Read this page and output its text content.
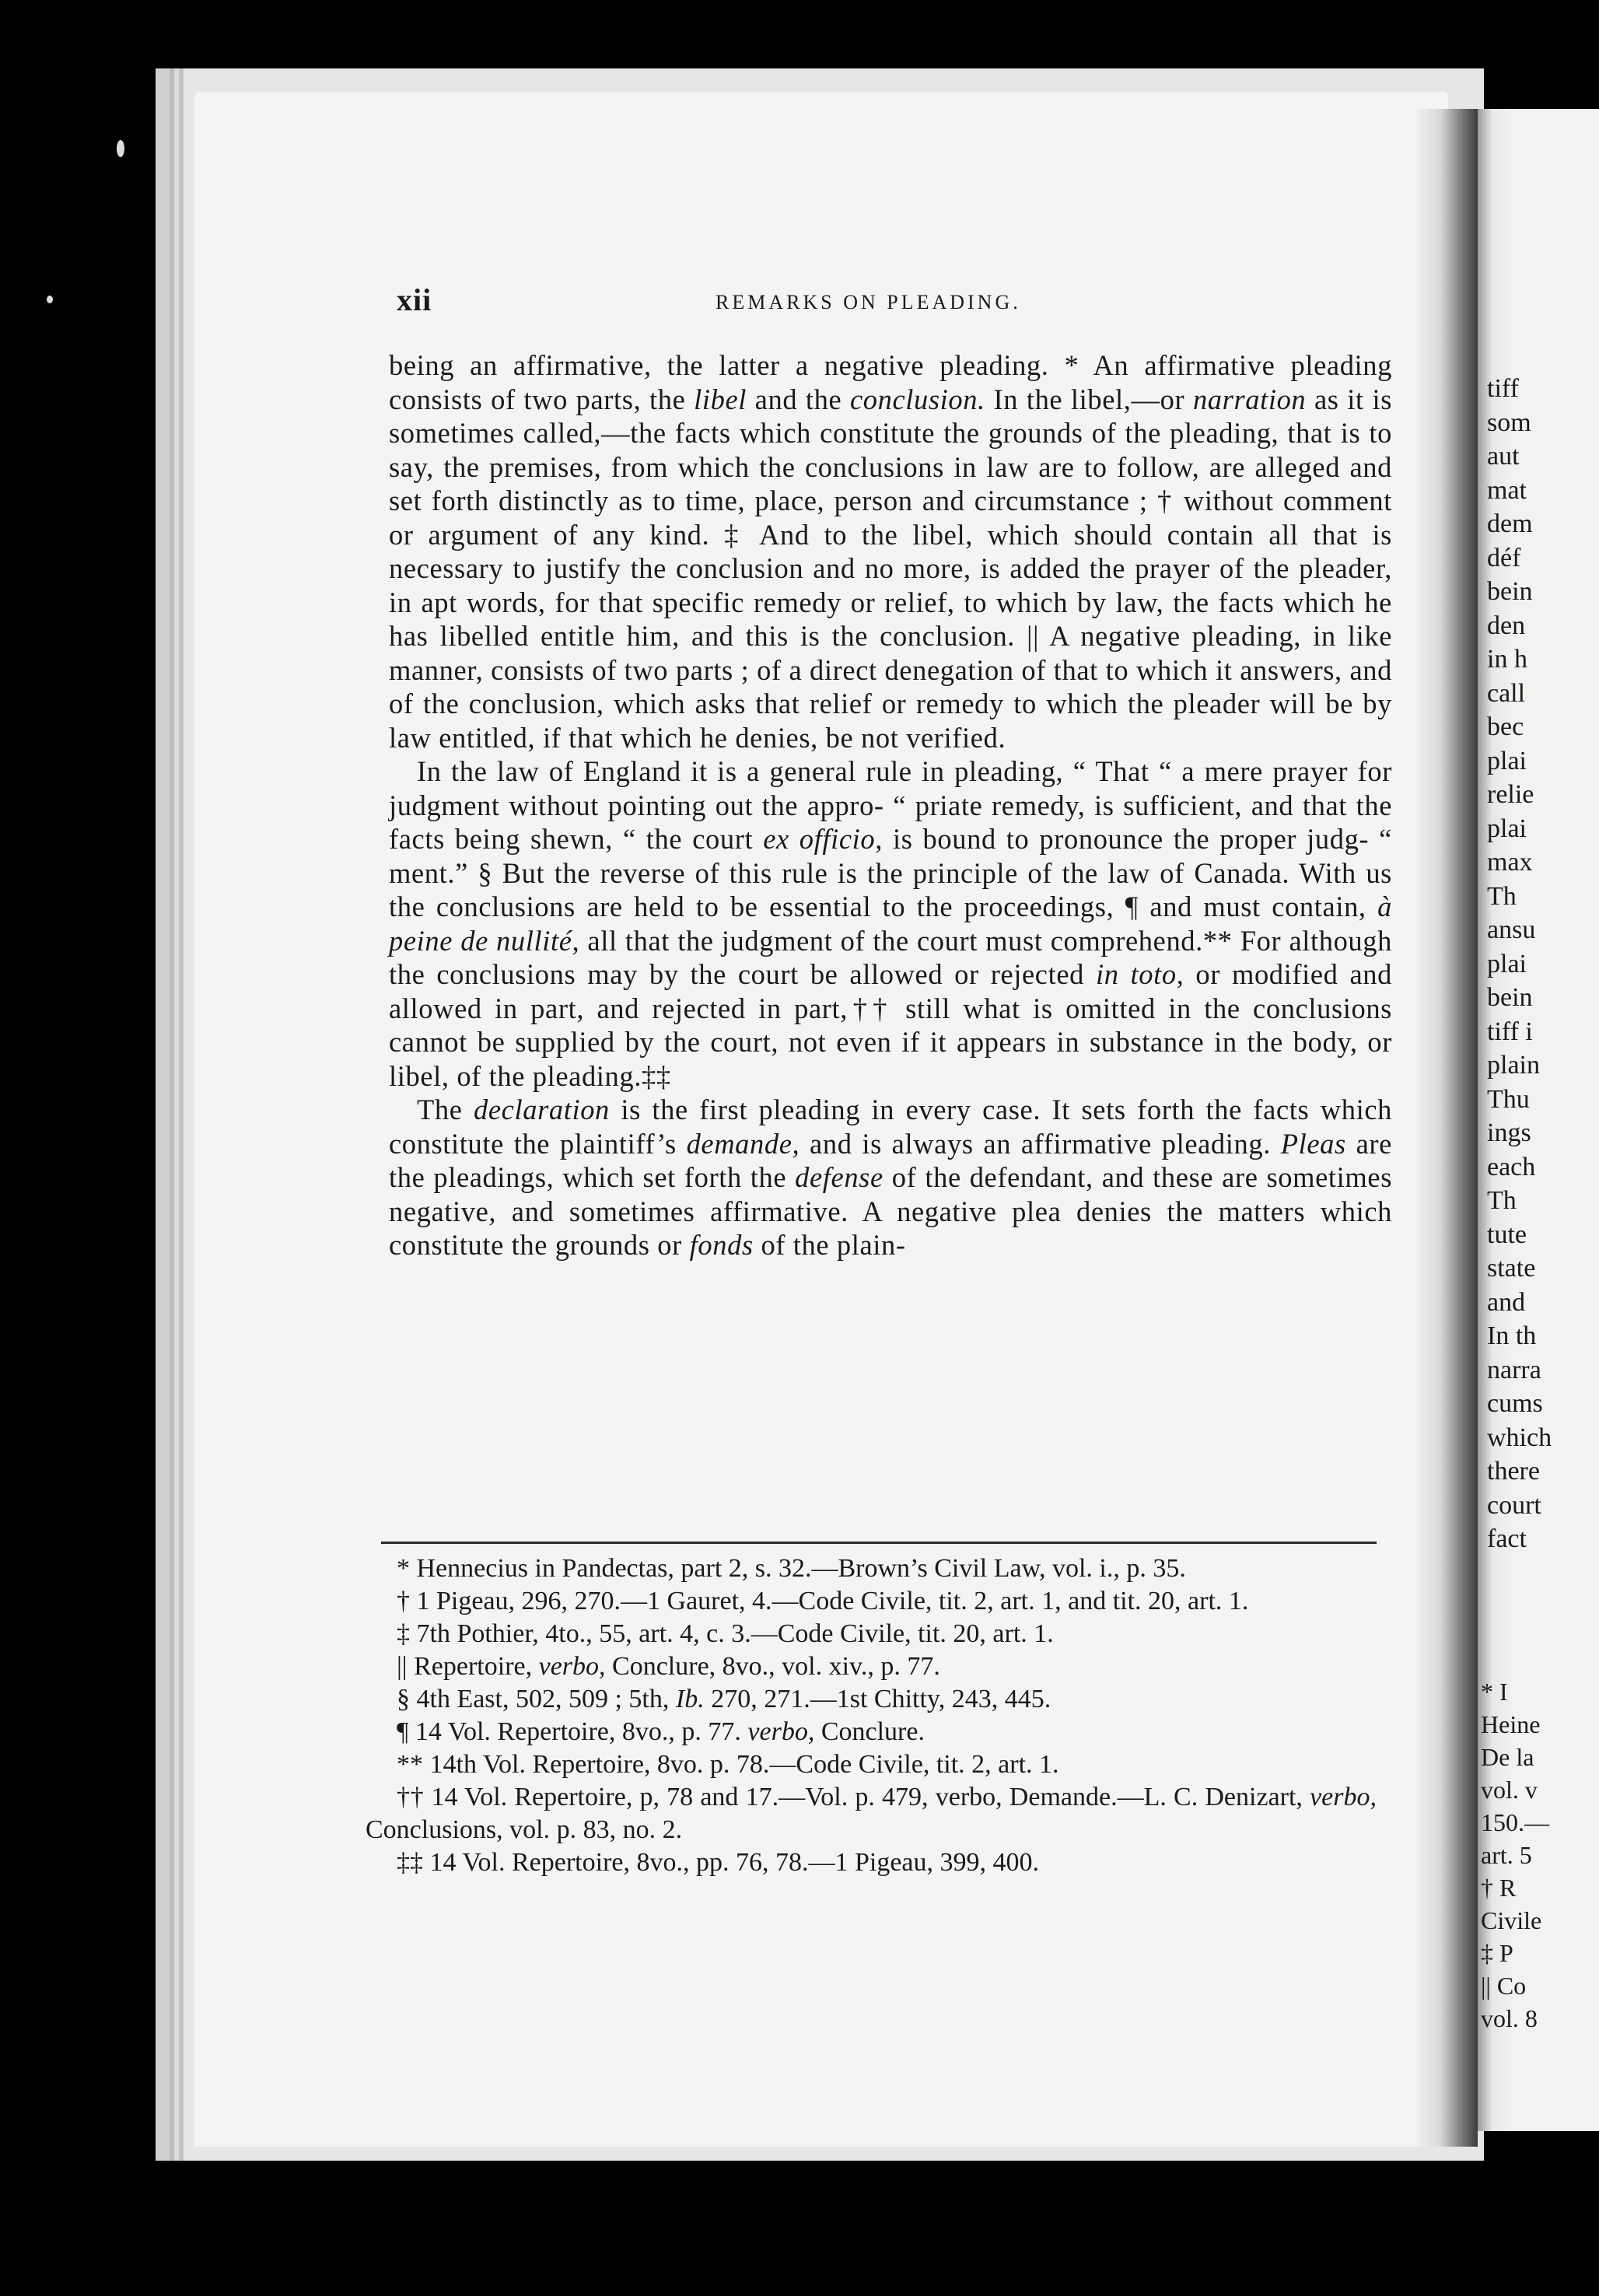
tiff
som
aut
mat
dem
déf
bein
den
in h
call
bec
plai
relie
plai
max
Th
ansu
plai
bein
tiff i
plain
Thu
ings
each
Th
tute
state
and
In th
narra
cums
which
there
court
fact
* I
Heine
De la
vol. v
150.—
art. 5
† R
Civile
‡ P
|| Co
vol. 8
xii	REMARKS ON PLEADING.

being an affirmative, the latter a negative pleading. * An affirmative pleading consists of two parts, the libel and the conclusion. In the libel,—or narration as it is sometimes called,—the facts which constitute the grounds of the pleading, that is to say, the premises, from which the conclusions in law are to follow, are alleged and set forth distinctly as to time, place, person and circumstance ; † without comment or argument of any kind. ‡ And to the libel, which should contain all that is necessary to justify the conclusion and no more, is added the prayer of the pleader, in apt words, for that specific remedy or relief, to which by law, the facts which he has libelled entitle him, and this is the conclusion. || A negative pleading, in like manner, consists of two parts ; of a direct denegation of that to which it answers, and of the conclusion, which asks that relief or remedy to which the pleader will be by law entitled, if that which he denies, be not verified.

In the law of England it is a general rule in pleading, “ That “ a mere prayer for judgment without pointing out the appro- “ priate remedy, is sufficient, and that the facts being shewn, “ the court ex officio, is bound to pronounce the proper judg- “ ment.” § But the reverse of this rule is the principle of the law of Canada. With us the conclusions are held to be essential to the proceedings, ¶ and must contain, à peine de nullité, all that the judgment of the court must comprehend.** For although the conclusions may by the court be allowed or rejected in toto, or modified and allowed in part, and rejected in part,†† still what is omitted in the conclusions cannot be supplied by the court, not even if it appears in substance in the body, or libel, of the pleading.‡‡

The declaration is the first pleading in every case. It sets forth the facts which constitute the plaintiff’s demande, and is always an affirmative pleading. Pleas are the pleadings, which set forth the defense of the defendant, and these are sometimes negative, and sometimes affirmative. A negative plea denies the matters which constitute the grounds or fonds of the plain-

* Hennecius in Pandectas, part 2, s. 32.—Brown’s Civil Law, vol. i., p. 35.

† 1 Pigeau, 296, 270.—1 Gauret, 4.—Code Civile, tit. 2, art. 1, and tit. 20, art. 1.

‡ 7th Pothier, 4to., 55, art. 4, c. 3.—Code Civile, tit. 20, art. 1.

|| Repertoire, verbo, Conclure, 8vo., vol. xiv., p. 77.

§ 4th East, 502, 509 ; 5th, Ib. 270, 271.—1st Chitty, 243, 445.

¶ 14 Vol. Repertoire, 8vo., p. 77. verbo, Conclure.

** 14th Vol. Repertoire, 8vo. p. 78.—Code Civile, tit. 2, art. 1.

†† 14 Vol. Repertoire, p, 78 and 17.—Vol. p. 479, verbo, Demande.—L. C. Denizart, verbo, Conclusions, vol. p. 83, no. 2.

‡‡ 14 Vol. Repertoire, 8vo., pp. 76, 78.—1 Pigeau, 399, 400.
